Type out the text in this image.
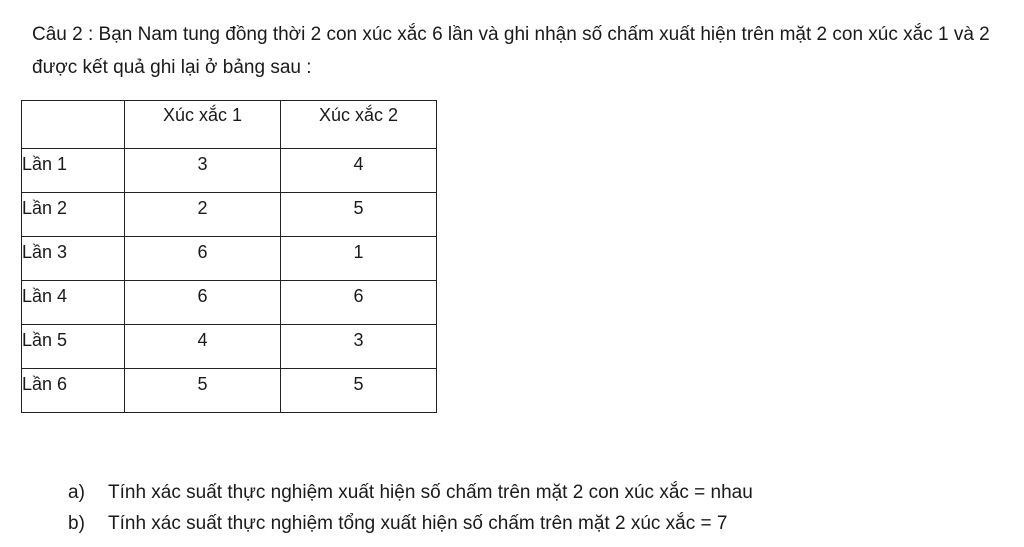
Câu 2 : Bạn Nam tung đồng thời 2 con xúc xắc 6 lần và ghi nhận số chấm xuất hiện trên mặt 2 con xúc xắc 1 và 2 được kết quả ghi lại ở bảng sau :

	Xúc xắc 1	Xúc xắc 2
Lần 1	3	4
Lần 2	2	5
Lần 3	6	1
Lần 4	6	6
Lần 5	4	3
Lần 6	5	5
a)	Tính xác suất thực nghiệm xuất hiện số chấm trên mặt 2 con xúc xắc = nhau
b)	Tính xác suất thực nghiệm tổng xuất hiện số chấm trên mặt 2 xúc xắc = 7
